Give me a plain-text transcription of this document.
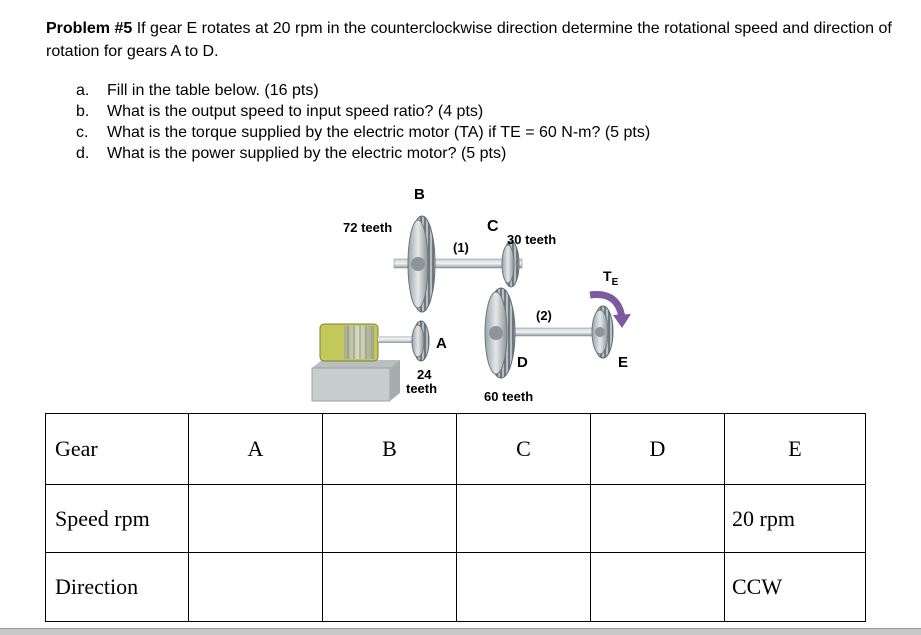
Problem #5 If gear E rotates at 20 rpm in the counterclockwise direction determine the rotational speed and direction of rotation for gears A to D.
a.	Fill in the table below. (16 pts)
b.	What is the output speed to input speed ratio? (4 pts)
c.	What is the torque supplied by the electric motor (TA) if TE = 60 N-m? (5 pts)
d.	What is the power supplied by the electric motor? (5 pts)
B
72 teeth
(1)
C
30 teeth
$T_E$
(2)
A
24
teeth
D	E
60 teeth
Gear	A	B	C	D	E
Speed rpm					20 rpm
Direction					CCW
